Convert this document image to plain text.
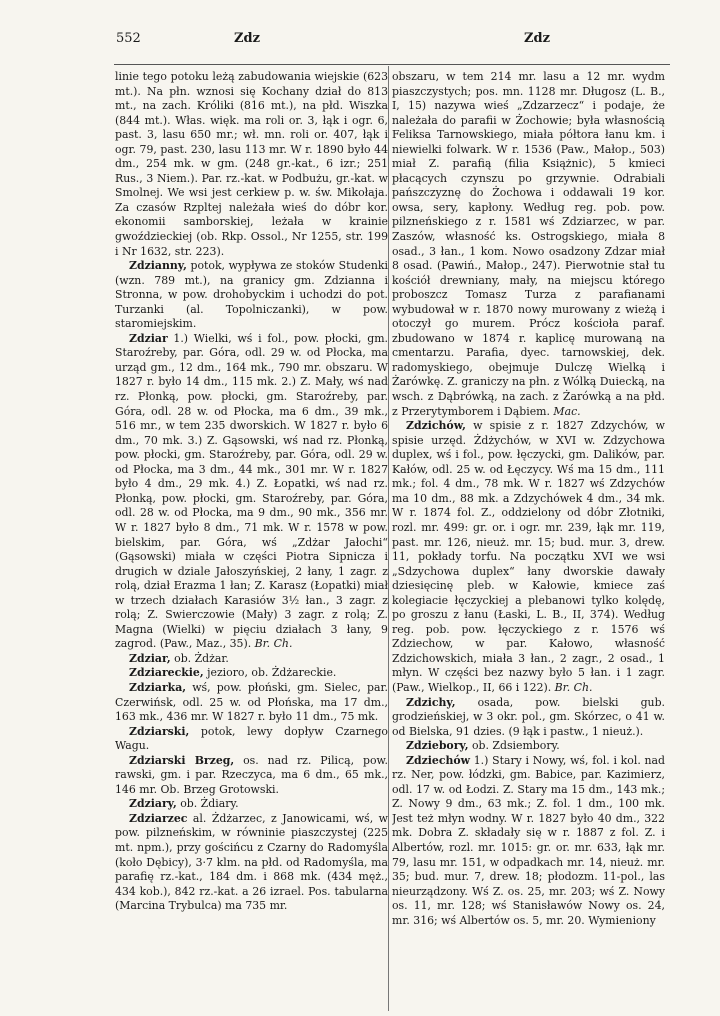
552	Zdz	Zdz

linie tego potoku leżą zabudowania wiejskie (623 mt.). Na płn. wznosi się Kochany dział do 813 mt., na zach. Króliki (816 mt.), na płd. Wiszka (844 mt.). Włas. więk. ma roli or. 3, łąk i ogr. 6, past. 3, lasu 650 mr.; wł. mn. roli or. 407, łąk i ogr. 79, past. 230, lasu 113 mr. W r. 1890 było 44 dm., 254 mk. w gm. (248 gr.-kat., 6 izr.; 251 Rus., 3 Niem.). Par. rz.-kat. w Podbużu, gr.-kat. w Smolnej. We wsi jest cerkiew p. w. św. Mikołaja. Za czasów Rzpltej należała wieś do dóbr kor. ekonomii samborskiej, leżała w krainie gwoździeckiej (ob. Rkp. Ossol., Nr 1255, str. 199 i Nr 1632, str. 223).

Zdzianny, potok, wypływa ze stoków Studenki (wzn. 789 mt.), na granicy gm. Zdzianna i Stronna, w pow. drohobyckim i uchodzi do pot. Turzanki (al. Topolniczanki), w pow. staromiejskim.

Zdziar 1.) Wielki, wś i fol., pow. płocki, gm. Staroźreby, par. Góra, odl. 29 w. od Płocka, ma urząd gm., 12 dm., 164 mk., 790 mr. obszaru. W 1827 r. było 14 dm., 115 mk. 2.) Z. Mały, wś nad rz. Płonką, pow. płocki, gm. Staroźreby, par. Góra, odl. 28 w. od Płocka, ma 6 dm., 39 mk., 516 mr., w tem 235 dworskich. W 1827 r. było 6 dm., 70 mk. 3.) Z. Gąsowski, wś nad rz. Płonką, pow. płocki, gm. Staroźreby, par. Góra, odl. 29 w. od Płocka, ma 3 dm., 44 mk., 301 mr. W r. 1827 było 4 dm., 29 mk. 4.) Z. Łopatki, wś nad rz. Płonką, pow. płocki, gm. Staroźreby, par. Góra, odl. 28 w. od Płocka, ma 9 dm., 90 mk., 356 mr. W r. 1827 było 8 dm., 71 mk. W r. 1578 w pow. bielskim, par. Góra, wś „Zdżar Jałochi“ (Gąsowski) miała w części Piotra Sipnicza i drugich w dziale Jałoszyńskiej, 2 łany, 1 zagr. z rolą, dział Erazma 1 łan; Z. Karasz (Łopatki) miał w trzech działach Karasiów 3½ łan., 3 zagr. z rolą; Z. Swierczowie (Mały) 3 zagr. z rolą; Z. Magna (Wielki) w pięciu działach 3 łany, 9 zagrod. (Paw., Maz., 35). Br. Ch.

Zdziar, ob. Żdżar.

Zdziareckie, jezioro, ob. Żdżareckie.

Zdziarka, wś, pow. płoński, gm. Sielec, par. Czerwińsk, odl. 25 w. od Płońska, ma 17 dm., 163 mk., 436 mr. W 1827 r. było 11 dm., 75 mk.

Zdziarski, potok, lewy dopływ Czarnego Wagu.

Zdziarski Brzeg, os. nad rz. Pilicą, pow. rawski, gm. i par. Rzeczyca, ma 6 dm., 65 mk., 146 mr. Ob. Brzeg Grotowski.

Zdziary, ob. Żdiary.

Zdziarzec al. Żdżarzec, z Janowicami, wś, w pow. pilzneńskim, w równinie piaszczystej (225 mt. npm.), przy gościńcu z Czarny do Radomyśla (koło Dębicy), 3·7 klm. na płd. od Radomyśla, ma parafię rz.-kat., 184 dm. i 868 mk. (434 męż., 434 kob.), 842 rz.-kat. a 26 izrael. Pos. tabularna (Marcina Trybulca) ma 735 mr.

obszaru, w tem 214 mr. lasu a 12 mr. wydm piaszczystych; pos. mn. 1128 mr. Długosz (L. B., I, 15) nazywa wieś „Zdzarzecz“ i podaje, że należała do parafii w Żochowie; była własnością Feliksa Tarnowskiego, miała półtora łanu km. i niewielki folwark. W r. 1536 (Paw., Małop., 503) miał Z. parafią (filia Książnic), 5 kmieci płacących czynszu po grzywnie. Odrabiali pańszczyznę do Żochowa i oddawali 19 kor. owsa, sery, kapłony. Według reg. pob. pow. pilzneńskiego z r. 1581 wś Zdziarzec, w par. Zaszów, własność ks. Ostrogskiego, miała 8 osad., 3 łan., 1 kom. Nowo osadzony Zdzar miał 8 osad. (Pawiń., Małop., 247). Pierwotnie stał tu kościół drewniany, mały, na miejscu którego proboszcz Tomasz Turza z parafianami wybudował w r. 1870 nowy murowany z wieżą i otoczył go murem. Prócz kościoła paraf. zbudowano w 1874 r. kaplicę murowaną na cmentarzu. Parafia, dyec. tarnowskiej, dek. radomyskiego, obejmuje Dulczę Wielką i Żarówkę. Z. graniczy na płn. z Wólką Duiecką, na wsch. z Dąbrówką, na zach. z Żarówką a na płd. z Przerytymborem i Dąbiem. Mac.

Zdzichów, w spisie z r. 1827 Zdzychów, w spisie urzęd. Żdżychów, w XVI w. Zdzychowa duplex, wś i fol., pow. łęczycki, gm. Dalików, par. Kałów, odl. 25 w. od Łęczycy. Wś ma 15 dm., 111 mk.; fol. 4 dm., 78 mk. W r. 1827 wś Zdzychów ma 10 dm., 88 mk. a Zdzychówek 4 dm., 34 mk. W r. 1874 fol. Z., oddzielony od dóbr Złotniki, rozl. mr. 499: gr. or. i ogr. mr. 239, łąk mr. 119, past. mr. 126, nieuż. mr. 15; bud. mur. 3, drew. 11, pokłady torfu. Na początku XVI we wsi „Sdzychowa duplex“ łany dworskie dawały dziesięcinę pleb. w Kałowie, kmiece zaś kolegiacie łęczyckiej a plebanowi tylko kolędę, po groszu z łanu (Łaski, L. B., II, 374). Według reg. pob. pow. łęczyckiego z r. 1576 wś Zdziechow, w par. Kałowo, własność Zdzichowskich, miała 3 łan., 2 zagr., 2 osad., 1 młyn. W części bez nazwy było 5 łan. i 1 zagr. (Paw., Wielkop., II, 66 i 122). Br. Ch.

Zdzichy, osada, pow. bielski gub. grodzieńskiej, w 3 okr. pol., gm. Skórzec, o 41 w. od Bielska, 91 dzies. (9 łąk i pastw., 1 nieuż.).

Zdziebory, ob. Zdsiembory.

Zdziechów 1.) Stary i Nowy, wś, fol. i kol. nad rz. Ner, pow. łódzki, gm. Babice, par. Kazimierz, odl. 17 w. od Łodzi. Z. Stary ma 15 dm., 143 mk.; Z. Nowy 9 dm., 63 mk.; Z. fol. 1 dm., 100 mk. Jest też młyn wodny. W r. 1827 było 40 dm., 322 mk. Dobra Z. składały się w r. 1887 z fol. Z. i Albertów, rozl. mr. 1015: gr. or. mr. 633, łąk mr. 79, lasu mr. 151, w odpadkach mr. 14, nieuż. mr. 35; bud. mur. 7, drew. 18; płodozm. 11-pol., las nieurządzony. Wś Z. os. 25, mr. 203; wś Z. Nowy os. 11, mr. 128; wś Stanisławów Nowy os. 24, mr. 316; wś Albertów os. 5, mr. 20. Wymieniony
